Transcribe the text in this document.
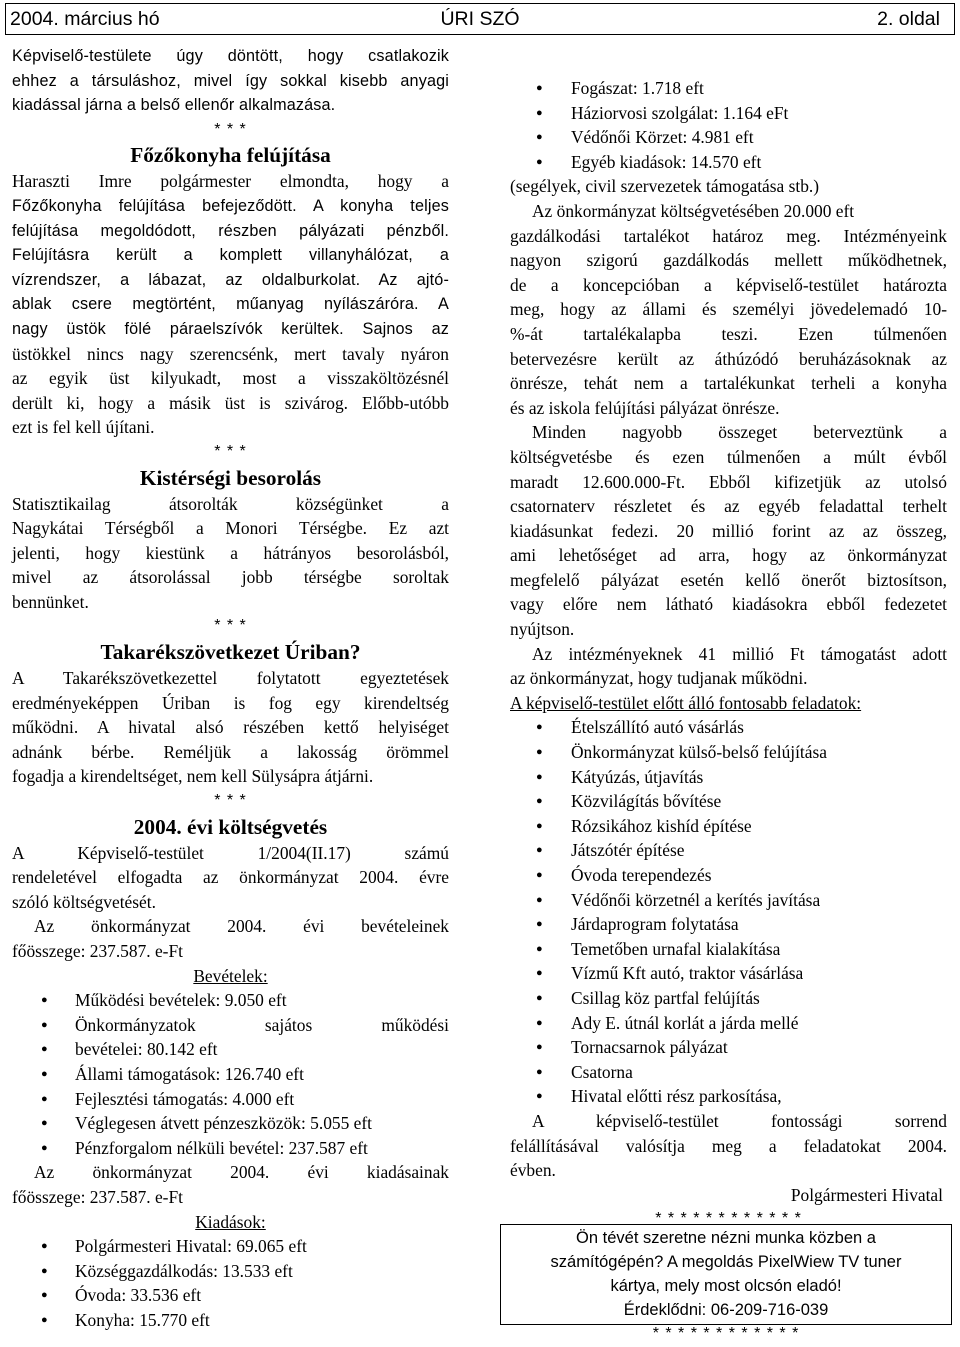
2004. március hó	ÚRI SZÓ	2. oldal
Képviselő-testülete úgy döntött, hogy csatlakozik
ehhez a társuláshoz, mivel így sokkal kisebb anyagi
kiadással járna a belső ellenőr alkalmazása.
* * *
Főzőkonyha felújítása
Haraszti Imre polgármester elmondta, hogy a
Főzőkonyha felújítása befejeződött. A konyha teljes
felújítása megoldódott, részben pályázati pénzből.
Felújításra került a komplett villanyhálózat, a
vízrendszer, a lábazat, az oldalburkolat. Az ajtó-
ablak csere megtörtént, műanyag nyílászáróra. A
nagy üstök fölé páraelszívók kerültek. Sajnos az
üstökkel nincs nagy szerencsénk, mert tavaly nyáron
az egyik üst kilyukadt, most a visszaköltözésnél
derült ki, hogy a másik üst is szivárog. Előbb-utóbb
ezt is fel kell újítani.
* * *
Kistérségi besorolás
Statisztikailag átsorolták községünket a
Nagykátai Térségből a Monori Térségbe. Ez azt
jelenti, hogy kiestünk a hátrányos besorolásból,
mivel az átsorolással jobb térségbe soroltak
bennünket.
* * *
Takarékszövetkezet Úriban?
A Takarékszövetkezettel folytatott egyeztetések
eredményeképpen Úriban is fog egy kirendeltség
működni. A hivatal alsó részében kettő helyiséget
adnánk bérbe. Reméljük a lakosság örömmel
fogadja a kirendeltséget, nem kell Sülysápra átjárni.
* * *
2004. évi költségvetés
A Képviselő-testület 1/2004(II.17) számú
rendeletével elfogadta az önkormányzat 2004. évre
szóló költségvetését.
Az önkormányzat 2004. évi bevételeinek
főösszege: 237.587. e-Ft
Bevételek:
● Működési bevételek: 9.050 eft
● Önkormányzatok sajátos működési
● bevételei: 80.142 eft
● Állami támogatások: 126.740 eft
● Fejlesztési támogatás: 4.000 eft
● Véglegesen átvett pénzeszközök: 5.055 eft
● Pénzforgalom nélküli bevétel: 237.587 eft
Az önkormányzat 2004. évi kiadásainak
főösszege: 237.587. e-Ft
Kiadások:
● Polgármesteri Hivatal: 69.065 eft
● Községgazdálkodás: 13.533 eft
● Óvoda: 33.536 eft
● Konyha: 15.770 eft
● Fogászat: 1.718 eft
● Háziorvosi szolgálat: 1.164 eFt
● Védőnői Körzet: 4.981 eft
● Egyéb kiadások: 14.570 eft
(segélyek, civil szervezetek támogatása stb.)
Az önkormányzat költségvetésében 20.000 eft
gazdálkodási tartalékot határoz meg. Intézményeink
nagyon szigorú gazdálkodás mellett működhetnek,
de a koncepcióban a képviselő-testület határozta
meg, hogy az állami és személyi jövedelemadó 10-
%-át tartalékalapba teszi. Ezen túlmenően
betervezésre került az áthúzódó beruházásoknak az
önrésze, tehát nem a tartalékunkat terheli a konyha
és az iskola felújítási pályázat önrésze.
Minden nagyobb összeget beterveztünk a
költségvetésbe és ezen túlmenően a múlt évből
maradt 12.600.000-Ft. Ebből kifizetjük az utolsó
csatornaterv részletet és az egyéb feladattal terhelt
kiadásunkat fedezi. 20 millió forint az az összeg,
ami lehetőséget ad arra, hogy az önkormányzat
megfelelő pályázat esetén kellő önerőt biztosítson,
vagy előre nem látható kiadásokra ebből fedezetet
nyújtson.
Az intézményeknek 41 millió Ft támogatást adott
az önkormányzat, hogy tudjanak működni.
A képviselő-testület előtt álló fontosabb feladatok:
● Ételszállító autó vásárlás
● Önkormányzat külső-belső felújítása
● Kátyúzás, útjavítás
● Közvilágítás bővítése
● Rózsikához kishíd építése
● Játszótér építése
● Óvoda terependezés
● Védőnői körzetnél a kerítés javítása
● Járdaprogram folytatása
● Temetőben urnafal kialakítása
● Vízmű Kft autó, traktor vásárlása
● Csillag köz partfal felújítás
● Ady E. útnál korlát a járda mellé
● Tornacsarnok pályázat
● Csatorna
● Hivatal előtti rész parkosítása,
A képviselő-testület fontossági sorrend
felállításával valósítja meg a feladatokat 2004.
évben.
Polgármesteri Hivatal
* * * * * * * * * * * *
Ön tévét szeretne nézni munka közben a
számítógépén? A megoldás PixelWiew TV tuner
kártya, mely most olcsón eladó!
Érdeklődni: 06-209-716-039
* * * * * * * * * * * *
